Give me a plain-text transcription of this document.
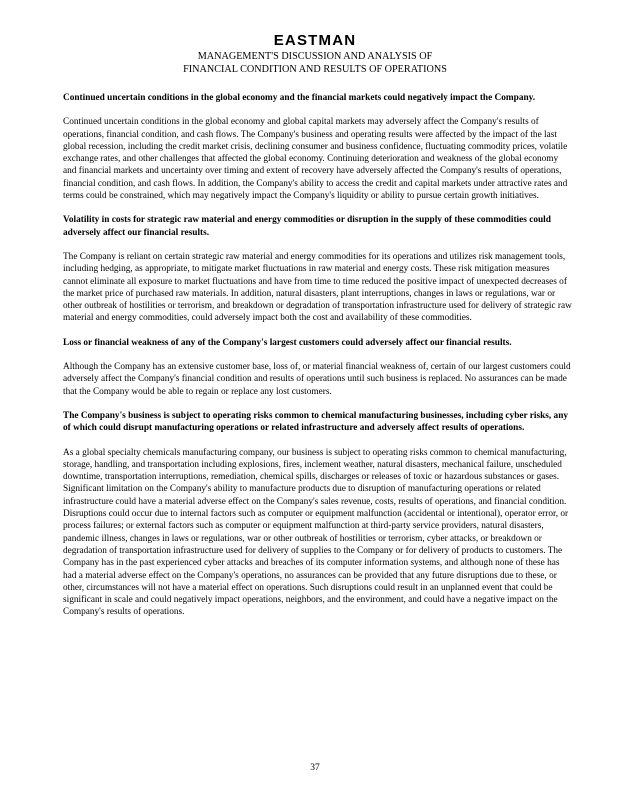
EASTMAN
MANAGEMENT'S DISCUSSION AND ANALYSIS OF
FINANCIAL CONDITION AND RESULTS OF OPERATIONS

Continued uncertain conditions in the global economy and the financial markets could negatively impact the Company.

Continued uncertain conditions in the global economy and global capital markets may adversely affect the Company's results of operations, financial condition, and cash flows. The Company's business and operating results were affected by the impact of the last global recession, including the credit market crisis, declining consumer and business confidence, fluctuating commodity prices, volatile exchange rates, and other challenges that affected the global economy. Continuing deterioration and weakness of the global economy and financial markets and uncertainty over timing and extent of recovery have adversely affected the Company's results of operations, financial condition, and cash flows. In addition, the Company's ability to access the credit and capital markets under attractive rates and terms could be constrained, which may negatively impact the Company's liquidity or ability to pursue certain growth initiatives.

Volatility in costs for strategic raw material and energy commodities or disruption in the supply of these commodities could adversely affect our financial results.

The Company is reliant on certain strategic raw material and energy commodities for its operations and utilizes risk management tools, including hedging, as appropriate, to mitigate market fluctuations in raw material and energy costs. These risk mitigation measures cannot eliminate all exposure to market fluctuations and have from time to time reduced the positive impact of unexpected decreases of the market price of purchased raw materials. In addition, natural disasters, plant interruptions, changes in laws or regulations, war or other outbreak of hostilities or terrorism, and breakdown or degradation of transportation infrastructure used for delivery of strategic raw material and energy commodities, could adversely impact both the cost and availability of these commodities.

Loss or financial weakness of any of the Company's largest customers could adversely affect our financial results.

Although the Company has an extensive customer base, loss of, or material financial weakness of, certain of our largest customers could adversely affect the Company's financial condition and results of operations until such business is replaced. No assurances can be made that the Company would be able to regain or replace any lost customers.

The Company's business is subject to operating risks common to chemical manufacturing businesses, including cyber risks, any of which could disrupt manufacturing operations or related infrastructure and adversely affect results of operations.

As a global specialty chemicals manufacturing company, our business is subject to operating risks common to chemical manufacturing, storage, handling, and transportation including explosions, fires, inclement weather, natural disasters, mechanical failure, unscheduled downtime, transportation interruptions, remediation, chemical spills, discharges or releases of toxic or hazardous substances or gases. Significant limitation on the Company's ability to manufacture products due to disruption of manufacturing operations or related infrastructure could have a material adverse effect on the Company's sales revenue, costs, results of operations, and financial condition. Disruptions could occur due to internal factors such as computer or equipment malfunction (accidental or intentional), operator error, or process failures; or external factors such as computer or equipment malfunction at third-party service providers, natural disasters, pandemic illness, changes in laws or regulations, war or other outbreak of hostilities or terrorism, cyber attacks, or breakdown or degradation of transportation infrastructure used for delivery of supplies to the Company or for delivery of products to customers. The Company has in the past experienced cyber attacks and breaches of its computer information systems, and although none of these has had a material adverse effect on the Company's operations, no assurances can be provided that any future disruptions due to these, or other, circumstances will not have a material effect on operations. Such disruptions could result in an unplanned event that could be significant in scale and could negatively impact operations, neighbors, and the environment, and could have a negative impact on the Company's results of operations.

37
